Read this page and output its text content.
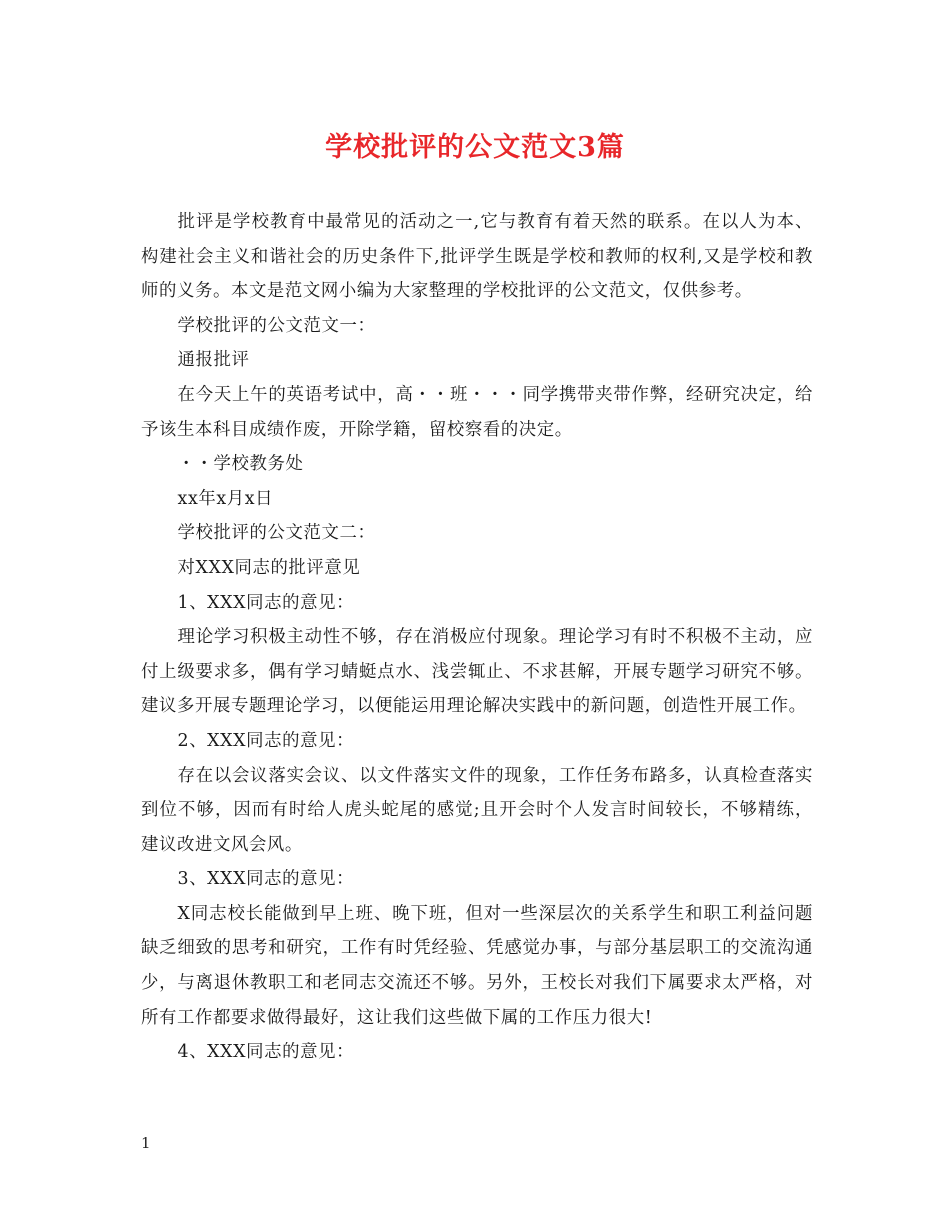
学校批评的公文范文3篇

批评是学校教育中最常见的活动之一,它与教育有着天然的联系。在以人为本、构建社会主义和谐社会的历史条件下,批评学生既是学校和教师的权利,又是学校和教师的义务。本文是范文网小编为大家整理的学校批评的公文范文，仅供参考。

学校批评的公文范文一：

通报批评

在今天上午的英语考试中，高・・班・・・同学携带夹带作弊，经研究决定，给予该生本科目成绩作废，开除学籍，留校察看的决定。

・・学校教务处

xx年x月x日

学校批评的公文范文二：

对XXX同志的批评意见

1、XXX同志的意见：

理论学习积极主动性不够，存在消极应付现象。理论学习有时不积极不主动，应付上级要求多，偶有学习蜻蜓点水、浅尝辄止、不求甚解，开展专题学习研究不够。建议多开展专题理论学习，以便能运用理论解决实践中的新问题，创造性开展工作。

2、XXX同志的意见：

存在以会议落实会议、以文件落实文件的现象，工作任务布路多，认真检查落实到位不够，因而有时给人虎头蛇尾的感觉;且开会时个人发言时间较长，不够精练，建议改进文风会风。

3、XXX同志的意见：

X同志校长能做到早上班、晚下班，但对一些深层次的关系学生和职工利益问题缺乏细致的思考和研究，工作有时凭经验、凭感觉办事，与部分基层职工的交流沟通少，与离退休教职工和老同志交流还不够。另外，王校长对我们下属要求太严格，对所有工作都要求做得最好，这让我们这些做下属的工作压力很大!

4、XXX同志的意见：

1
